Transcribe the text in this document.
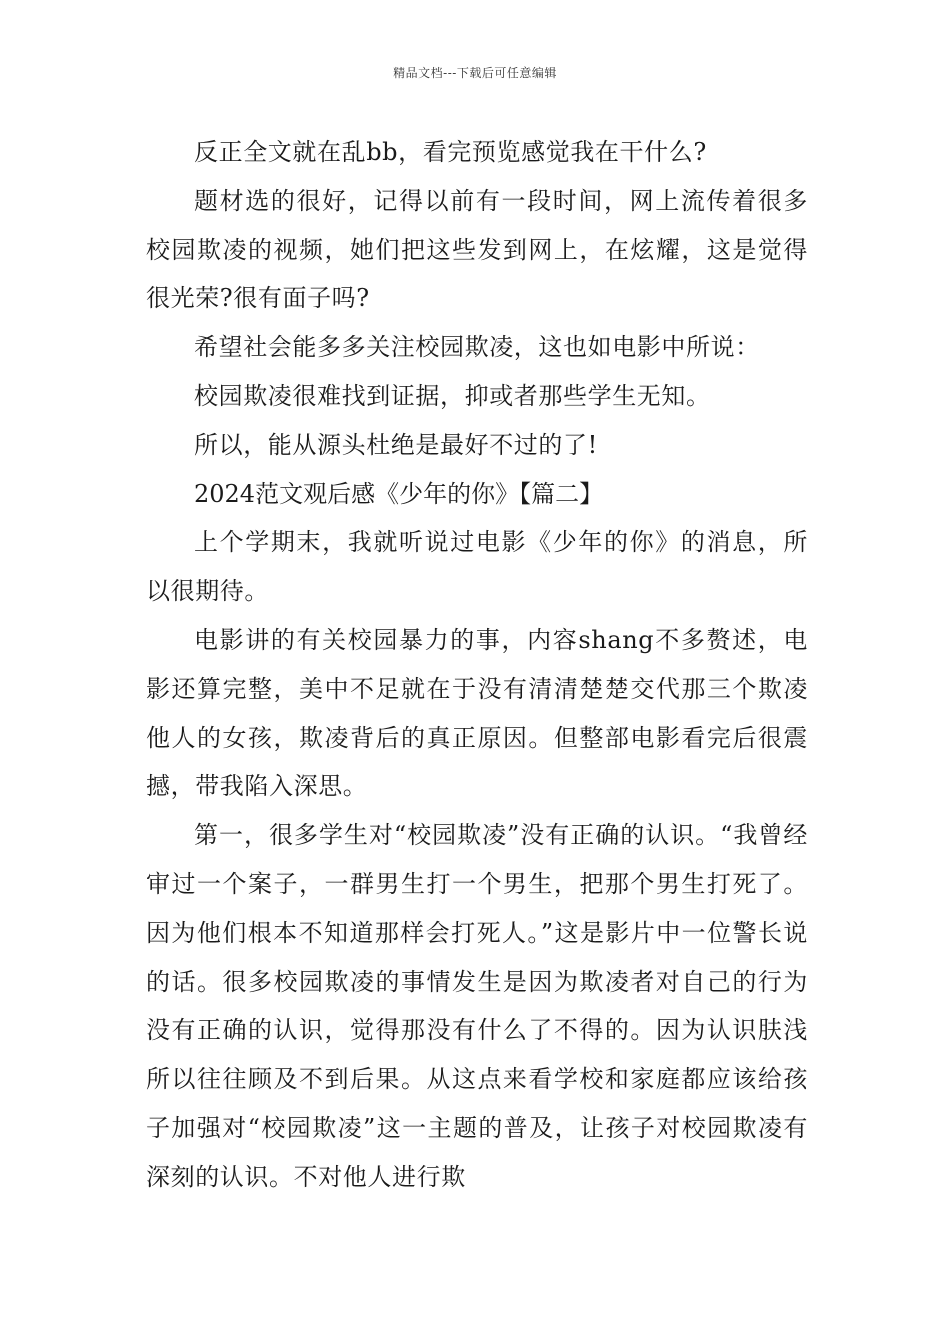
精品文档---下载后可任意编辑

反正全文就在乱bb，看完预览感觉我在干什么?

题材选的很好，记得以前有一段时间，网上流传着很多校园欺凌的视频，她们把这些发到网上，在炫耀，这是觉得很光荣?很有面子吗?

希望社会能多多关注校园欺凌，这也如电影中所说：

校园欺凌很难找到证据，抑或者那些学生无知。

所以，能从源头杜绝是最好不过的了!

2024范文观后感《少年的你》【篇二】

上个学期末，我就听说过电影《少年的你》的消息，所以很期待。

电影讲的有关校园暴力的事，内容shang不多赘述，电影还算完整，美中不足就在于没有清清楚楚交代那三个欺凌他人的女孩，欺凌背后的真正原因。但整部电影看完后很震撼，带我陷入深思。

第一，很多学生对“校园欺凌”没有正确的认识。“我曾经审过一个案子，一群男生打一个男生，把那个男生打死了。因为他们根本不知道那样会打死人。”这是影片中一位警长说的话。很多校园欺凌的事情发生是因为欺凌者对自己的行为没有正确的认识，觉得那没有什么了不得的。因为认识肤浅所以往往顾及不到后果。从这点来看学校和家庭都应该给孩子加强对“校园欺凌”这一主题的普及，让孩子对校园欺凌有深刻的认识。不对他人进行欺
